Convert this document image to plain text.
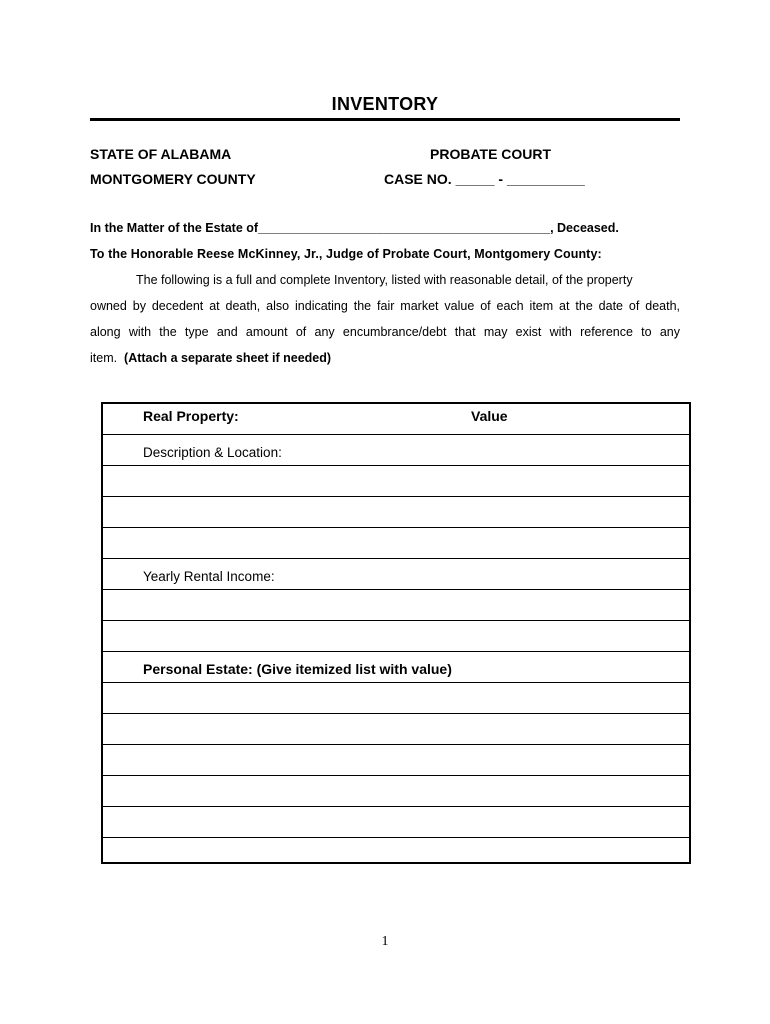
INVENTORY
STATE OF ALABAMA	PROBATE COURT
MONTGOMERY COUNTY	CASE NO. _____ - __________
In the Matter of the Estate of__________________________________________, Deceased.
To the Honorable Reese McKinney, Jr., Judge of Probate Court, Montgomery County:
The following is a full and complete Inventory, listed with reasonable detail, of the property
owned by decedent at death, also indicating the fair market value of each item at the date of death,
along with the type and amount of any encumbrance/debt that may exist with reference to any
item. (Attach a separate sheet if needed)
Real Property:	Value
Description & Location:
Yearly Rental Income:
Personal Estate: (Give itemized list with value)
1
